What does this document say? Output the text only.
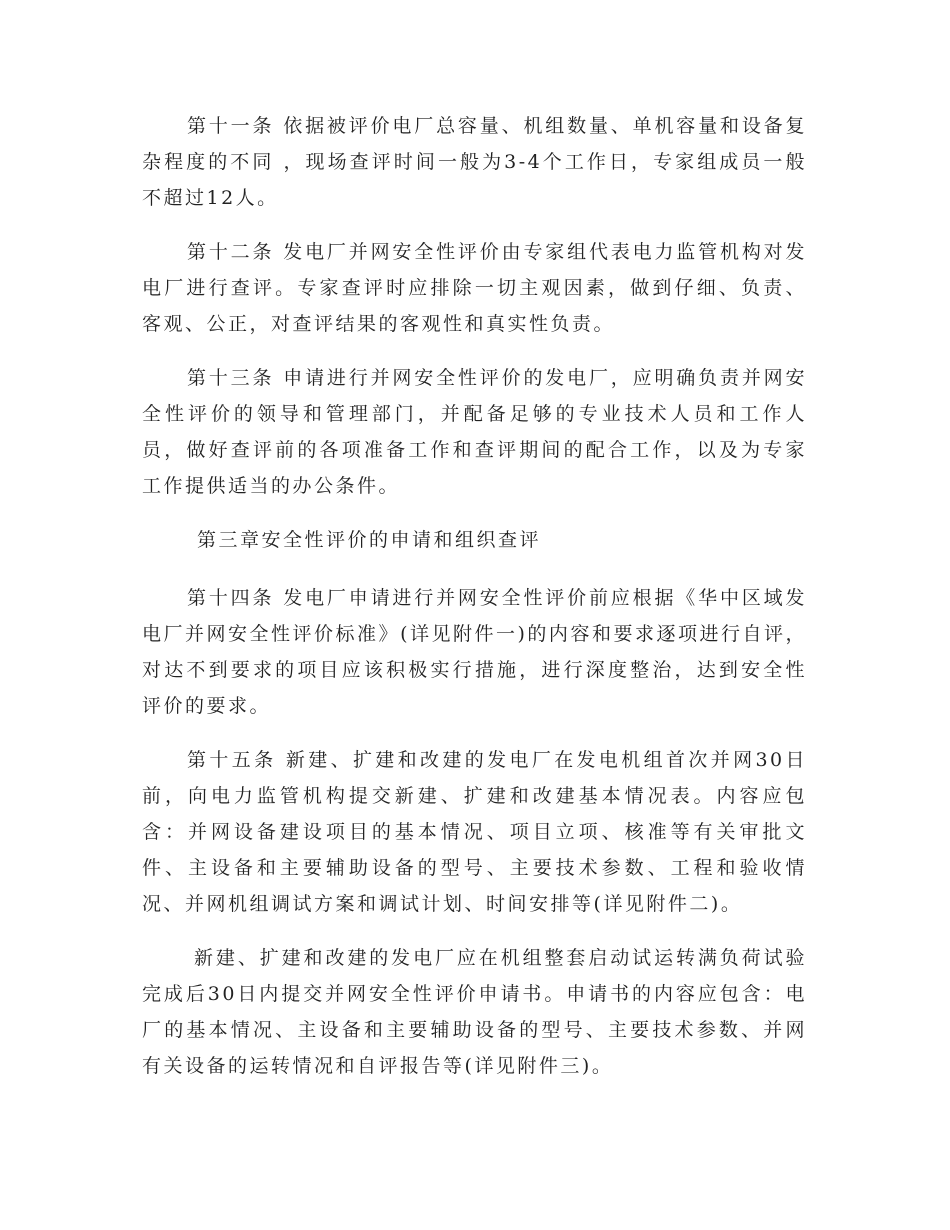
第十一条 依据被评价电厂总容量、机组数量、单机容量和设备复杂程度的不同 ，现场查评时间一般为3-4个工作日，专家组成员一般不超过12人。

第十二条 发电厂并网安全性评价由专家组代表电力监管机构对发电厂进行查评。专家查评时应排除一切主观因素，做到仔细、负责、客观、公正，对查评结果的客观性和真实性负责。

第十三条 申请进行并网安全性评价的发电厂，应明确负责并网安全性评价的领导和管理部门，并配备足够的专业技术人员和工作人员，做好查评前的各项准备工作和查评期间的配合工作，以及为专家工作提供适当的办公条件。

第三章安全性评价的申请和组织查评

第十四条 发电厂申请进行并网安全性评价前应根据《华中区域发电厂并网安全性评价标准》(详见附件一)的内容和要求逐项进行自评，对达不到要求的项目应该积极实行措施，进行深度整治，达到安全性评价的要求。

第十五条 新建、扩建和改建的发电厂在发电机组首次并网30日前，向电力监管机构提交新建、扩建和改建基本情况表。内容应包含：并网设备建设项目的基本情况、项目立项、核准等有关审批文件、主设备和主要辅助设备的型号、主要技术参数、工程和验收情况、并网机组调试方案和调试计划、时间安排等(详见附件二)。

新建、扩建和改建的发电厂应在机组整套启动试运转满负荷试验完成后30日内提交并网安全性评价申请书。申请书的内容应包含：电厂的基本情况、主设备和主要辅助设备的型号、主要技术参数、并网有关设备的运转情况和自评报告等(详见附件三)。
